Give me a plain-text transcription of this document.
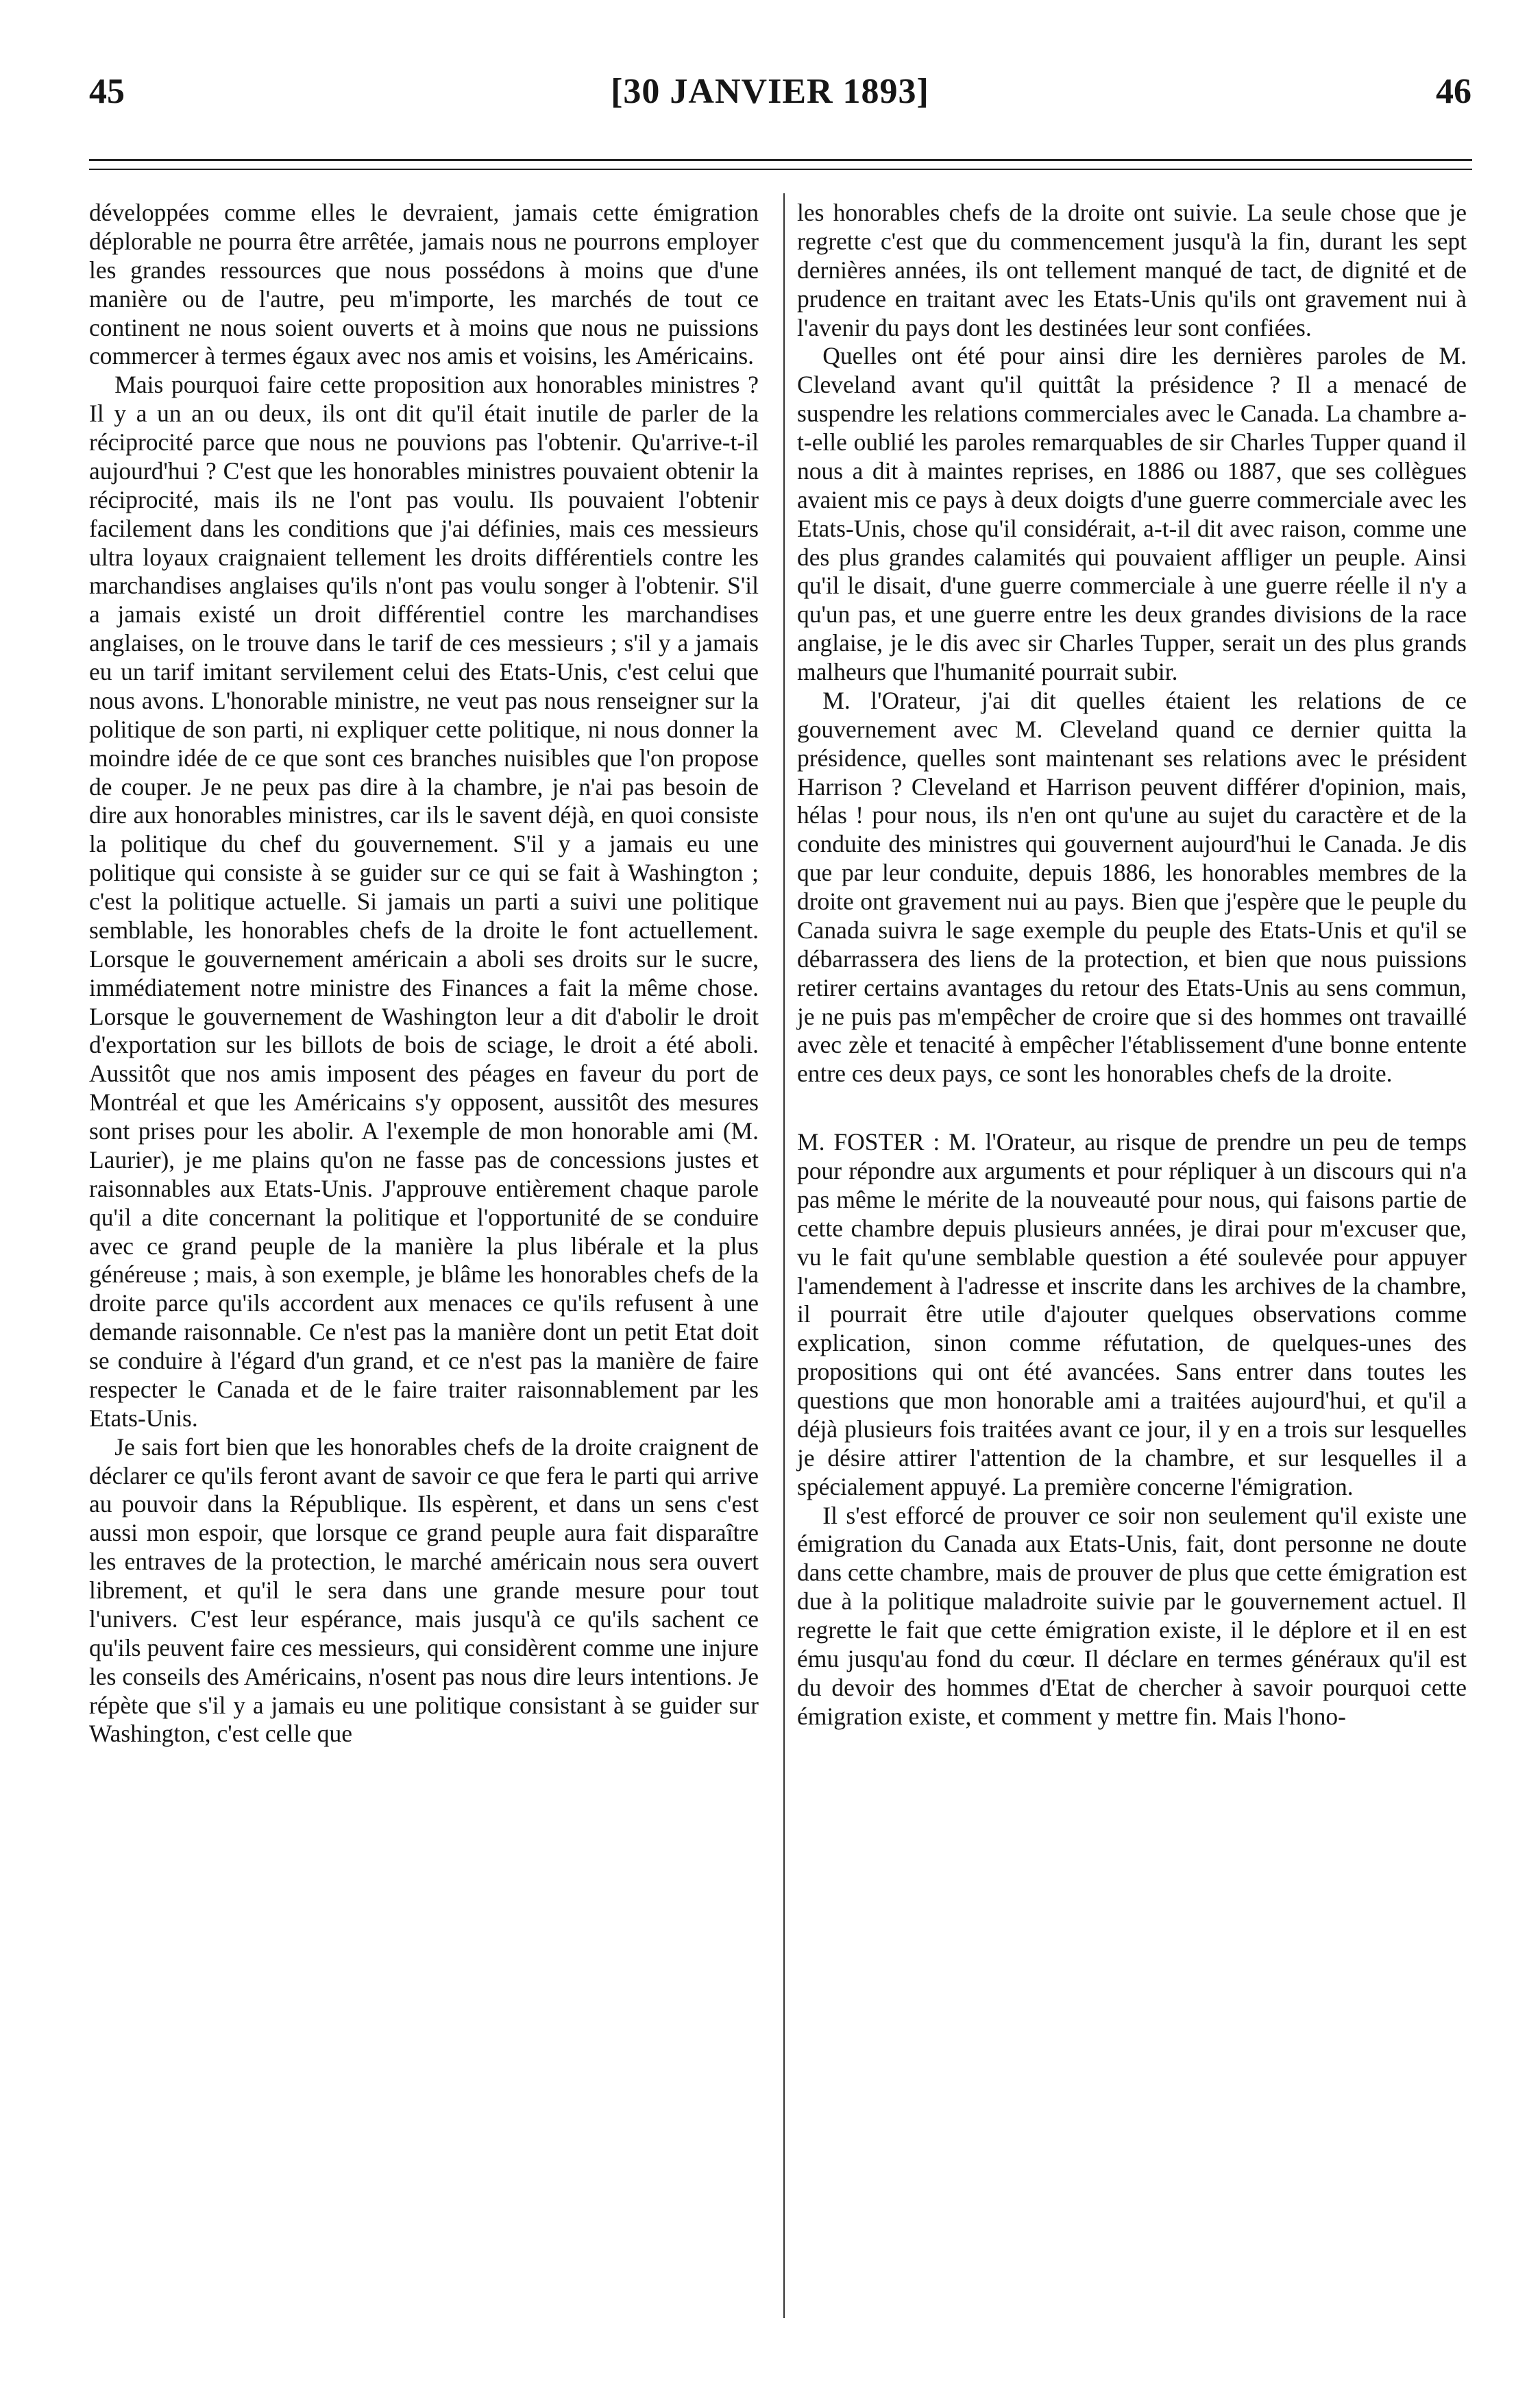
45	[30 JANVIER 1893]	46

développées comme elles le devraient, jamais cette émigration déplorable ne pourra être arrêtée, jamais nous ne pourrons employer les grandes ressources que nous possédons à moins que d'une manière ou de l'autre, peu m'importe, les marchés de tout ce continent ne nous soient ouverts et à moins que nous ne puissions commercer à termes égaux avec nos amis et voisins, les Américains.

Mais pourquoi faire cette proposition aux honorables ministres ? Il y a un an ou deux, ils ont dit qu'il était inutile de parler de la réciprocité parce que nous ne pouvions pas l'obtenir. Qu'arrive-t-il aujourd'hui ? C'est que les honorables ministres pouvaient obtenir la réciprocité, mais ils ne l'ont pas voulu. Ils pouvaient l'obtenir facilement dans les conditions que j'ai définies, mais ces messieurs ultra loyaux craignaient tellement les droits différentiels contre les marchandises anglaises qu'ils n'ont pas voulu songer à l'obtenir. S'il a jamais existé un droit différentiel contre les marchandises anglaises, on le trouve dans le tarif de ces messieurs ; s'il y a jamais eu un tarif imitant servilement celui des Etats-Unis, c'est celui que nous avons. L'honorable ministre, ne veut pas nous renseigner sur la politique de son parti, ni expliquer cette politique, ni nous donner la moindre idée de ce que sont ces branches nuisibles que l'on propose de couper. Je ne peux pas dire à la chambre, je n'ai pas besoin de dire aux honorables ministres, car ils le savent déjà, en quoi consiste la politique du chef du gouvernement. S'il y a jamais eu une politique qui consiste à se guider sur ce qui se fait à Washington ; c'est la politique actuelle. Si jamais un parti a suivi une politique semblable, les honorables chefs de la droite le font actuellement. Lorsque le gouvernement américain a aboli ses droits sur le sucre, immédiatement notre ministre des Finances a fait la même chose. Lorsque le gouvernement de Washington leur a dit d'abolir le droit d'exportation sur les billots de bois de sciage, le droit a été aboli. Aussitôt que nos amis imposent des péages en faveur du port de Montréal et que les Américains s'y opposent, aussitôt des mesures sont prises pour les abolir. A l'exemple de mon honorable ami (M. Laurier), je me plains qu'on ne fasse pas de concessions justes et raisonnables aux Etats-Unis. J'approuve entièrement chaque parole qu'il a dite concernant la politique et l'opportunité de se conduire avec ce grand peuple de la manière la plus libérale et la plus généreuse ; mais, à son exemple, je blâme les honorables chefs de la droite parce qu'ils accordent aux menaces ce qu'ils refusent à une demande raisonnable. Ce n'est pas la manière dont un petit Etat doit se conduire à l'égard d'un grand, et ce n'est pas la manière de faire respecter le Canada et de le faire traiter raisonnablement par les Etats-Unis.

Je sais fort bien que les honorables chefs de la droite craignent de déclarer ce qu'ils feront avant de savoir ce que fera le parti qui arrive au pouvoir dans la République. Ils espèrent, et dans un sens c'est aussi mon espoir, que lorsque ce grand peuple aura fait disparaître les entraves de la protection, le marché américain nous sera ouvert librement, et qu'il le sera dans une grande mesure pour tout l'univers. C'est leur espérance, mais jusqu'à ce qu'ils sachent ce qu'ils peuvent faire ces messieurs, qui considèrent comme une injure les conseils des Américains, n'osent pas nous dire leurs intentions. Je répète que s'il y a jamais eu une politique consistant à se guider sur Washington, c'est celle que

les honorables chefs de la droite ont suivie. La seule chose que je regrette c'est que du commencement jusqu'à la fin, durant les sept dernières années, ils ont tellement manqué de tact, de dignité et de prudence en traitant avec les Etats-Unis qu'ils ont gravement nui à l'avenir du pays dont les destinées leur sont confiées.

Quelles ont été pour ainsi dire les dernières paroles de M. Cleveland avant qu'il quittât la présidence ? Il a menacé de suspendre les relations commerciales avec le Canada. La chambre a-t-elle oublié les paroles remarquables de sir Charles Tupper quand il nous a dit à maintes reprises, en 1886 ou 1887, que ses collègues avaient mis ce pays à deux doigts d'une guerre commerciale avec les Etats-Unis, chose qu'il considérait, a-t-il dit avec raison, comme une des plus grandes calamités qui pouvaient affliger un peuple. Ainsi qu'il le disait, d'une guerre commerciale à une guerre réelle il n'y a qu'un pas, et une guerre entre les deux grandes divisions de la race anglaise, je le dis avec sir Charles Tupper, serait un des plus grands malheurs que l'humanité pourrait subir.

M. l'Orateur, j'ai dit quelles étaient les relations de ce gouvernement avec M. Cleveland quand ce dernier quitta la présidence, quelles sont maintenant ses relations avec le président Harrison ? Cleveland et Harrison peuvent différer d'opinion, mais, hélas ! pour nous, ils n'en ont qu'une au sujet du caractère et de la conduite des ministres qui gouvernent aujourd'hui le Canada. Je dis que par leur conduite, depuis 1886, les honorables membres de la droite ont gravement nui au pays. Bien que j'espère que le peuple du Canada suivra le sage exemple du peuple des Etats-Unis et qu'il se débarrassera des liens de la protection, et bien que nous puissions retirer certains avantages du retour des Etats-Unis au sens commun, je ne puis pas m'empêcher de croire que si des hommes ont travaillé avec zèle et tenacité à empêcher l'établissement d'une bonne entente entre ces deux pays, ce sont les honorables chefs de la droite.

M. FOSTER : M. l'Orateur, au risque de prendre un peu de temps pour répondre aux arguments et pour répliquer à un discours qui n'a pas même le mérite de la nouveauté pour nous, qui faisons partie de cette chambre depuis plusieurs années, je dirai pour m'excuser que, vu le fait qu'une semblable question a été soulevée pour appuyer l'amendement à l'adresse et inscrite dans les archives de la chambre, il pourrait être utile d'ajouter quelques observations comme explication, sinon comme réfutation, de quelques-unes des propositions qui ont été avancées. Sans entrer dans toutes les questions que mon honorable ami a traitées aujourd'hui, et qu'il a déjà plusieurs fois traitées avant ce jour, il y en a trois sur lesquelles je désire attirer l'attention de la chambre, et sur lesquelles il a spécialement appuyé. La première concerne l'émigration.

Il s'est efforcé de prouver ce soir non seulement qu'il existe une émigration du Canada aux Etats-Unis, fait, dont personne ne doute dans cette chambre, mais de prouver de plus que cette émigration est due à la politique maladroite suivie par le gouvernement actuel. Il regrette le fait que cette émigration existe, il le déplore et il en est ému jusqu'au fond du cœur. Il déclare en termes généraux qu'il est du devoir des hommes d'Etat de chercher à savoir pourquoi cette émigration existe, et comment y mettre fin. Mais l'hono-
